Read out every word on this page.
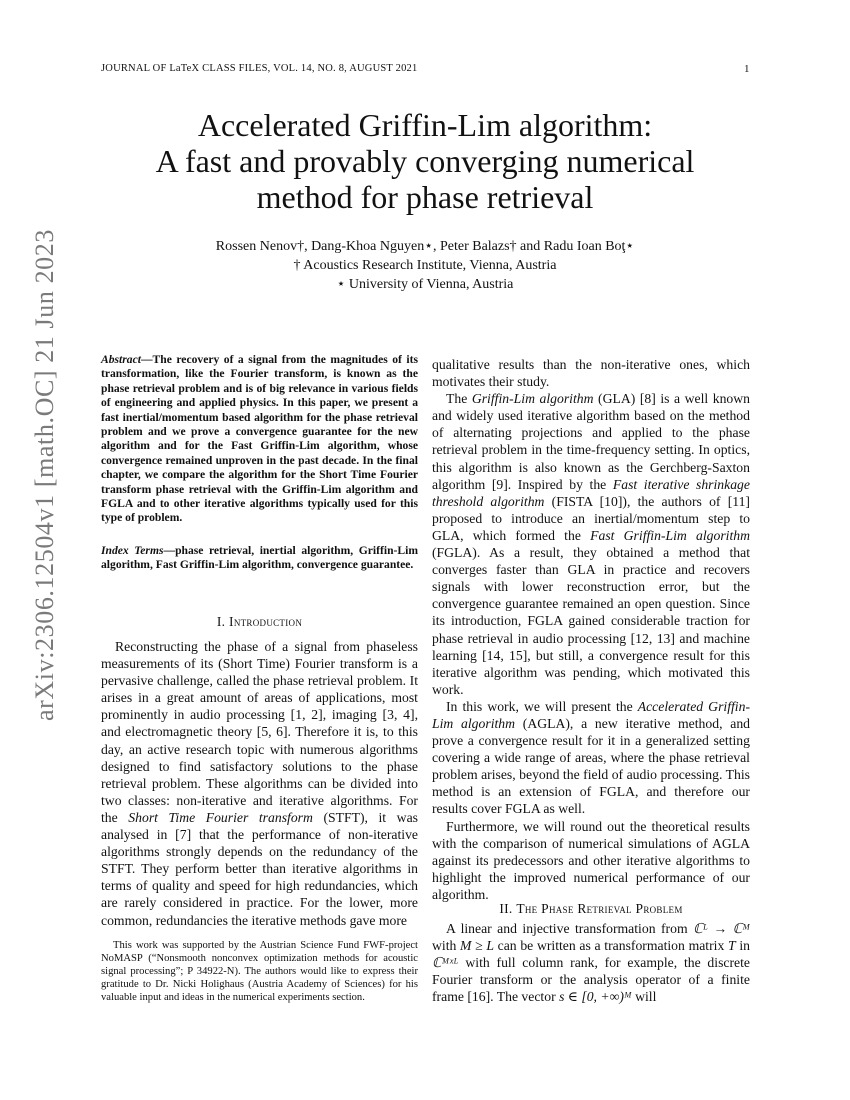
JOURNAL OF LaTeX CLASS FILES, VOL. 14, NO. 8, AUGUST 2021	1
arXiv:2306.12504v1 [math.OC] 21 Jun 2023
Accelerated Griffin-Lim algorithm:
A fast and provably converging numerical
method for phase retrieval
Rossen Nenov†, Dang-Khoa Nguyen⋆, Peter Balazs† and Radu Ioan Boţ⋆
† Acoustics Research Institute, Vienna, Austria
⋆ University of Vienna, Austria
Abstract—The recovery of a signal from the magnitudes of its transformation, like the Fourier transform, is known as the phase retrieval problem and is of big relevance in various fields of engineering and applied physics. In this paper, we present a fast inertial/momentum based algorithm for the phase retrieval problem and we prove a convergence guarantee for the new algorithm and for the Fast Griffin-Lim algorithm, whose convergence remained unproven in the past decade. In the final chapter, we compare the algorithm for the Short Time Fourier transform phase retrieval with the Griffin-Lim algorithm and FGLA and to other iterative algorithms typically used for this type of problem.
Index Terms—phase retrieval, inertial algorithm, Griffin-Lim algorithm, Fast Griffin-Lim algorithm, convergence guarantee.
I. Introduction

Reconstructing the phase of a signal from phaseless measurements of its (Short Time) Fourier transform is a pervasive challenge, called the phase retrieval problem. It arises in a great amount of areas of applications, most prominently in audio processing [1, 2], imaging [3, 4], and electromagnetic theory [5, 6]. Therefore it is, to this day, an active research topic with numerous algorithms designed to find satisfactory solutions to the phase retrieval problem. These algorithms can be divided into two classes: non-iterative and iterative algorithms. For the Short Time Fourier transform (STFT), it was analysed in [7] that the performance of non-iterative algorithms strongly depends on the redundancy of the STFT. They perform better than iterative algorithms in terms of quality and speed for high redundancies, which are rarely considered in practice. For the lower, more common, redundancies the iterative methods gave more

This work was supported by the Austrian Science Fund FWF-project NoMASP (“Nonsmooth nonconvex optimization methods for acoustic signal processing”; P 34922-N). The authors would like to express their gratitude to Dr. Nicki Holighaus (Austria Academy of Sciences) for his valuable input and ideas in the numerical experiments section.

qualitative results than the non-iterative ones, which motivates their study.

The Griffin-Lim algorithm (GLA) [8] is a well known and widely used iterative algorithm based on the method of alternating projections and applied to the phase retrieval problem in the time-frequency setting. In optics, this algorithm is also known as the Gerchberg-Saxton algorithm [9]. Inspired by the Fast iterative shrinkage threshold algorithm (FISTA [10]), the authors of [11] proposed to introduce an inertial/momentum step to GLA, which formed the Fast Griffin-Lim algorithm (FGLA). As a result, they obtained a method that converges faster than GLA in practice and recovers signals with lower reconstruction error, but the convergence guarantee remained an open question. Since its introduction, FGLA gained considerable traction for phase retrieval in audio processing [12, 13] and machine learning [14, 15], but still, a convergence result for this iterative algorithm was pending, which motivated this work.

In this work, we will present the Accelerated Griffin-Lim algorithm (AGLA), a new iterative method, and prove a convergence result for it in a generalized setting covering a wide range of areas, where the phase retrieval problem arises, beyond the field of audio processing. This method is an extension of FGLA, and therefore our results cover FGLA as well.

Furthermore, we will round out the theoretical results with the comparison of numerical simulations of AGLA against its predecessors and other iterative algorithms to highlight the improved numerical performance of our algorithm.

II. The Phase Retrieval Problem

A linear and injective transformation from ℂᴸ → ℂᴹ with M ≥ L can be written as a transformation matrix T in ℂᴹˣᴸ with full column rank, for example, the discrete Fourier transform or the analysis operator of a finite frame [16]. The vector s ∈ [0, +∞)ᴹ will
